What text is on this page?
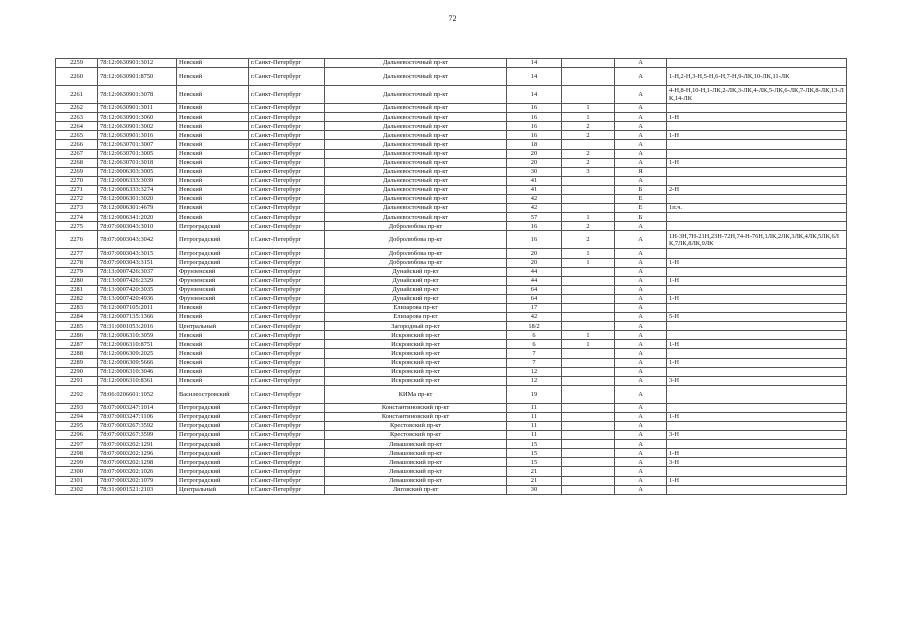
72
2259	78:12:0630901:3012	Невский	г.Санкт-Петербург	Дальневосточный пр-кт	14		А	
2260	78:12:0630901:8750	Невский	г.Санкт-Петербург	Дальневосточный пр-кт	14		А	1-Н,2-Н,3-Н,5-Н,6-Н,7-Н,9-ЛК,10-ЛК,11-ЛК
2261	78:12:0630901:3078	Невский	г.Санкт-Петербург	Дальневосточный пр-кт	14		А	4-Н,8-Н,10-Н,1-ЛК,2-ЛК,3-ЛК,4-ЛК,5-ЛК,6-ЛК,7-ЛК,8-ЛК,13-ЛК,14-ЛК
2262	78:12:0630901:3011	Невский	г.Санкт-Петербург	Дальневосточный пр-кт	16	1	А	
2263	78:12:0630901:3060	Невский	г.Санкт-Петербург	Дальневосточный пр-кт	16	1	А	1-Н
2264	78:12:0630901:3002	Невский	г.Санкт-Петербург	Дальневосточный пр-кт	16	2	А	
2265	78:12:0630901:3016	Невский	г.Санкт-Петербург	Дальневосточный пр-кт	16	2	А	1-Н
2266	78:12:0630701:3007	Невский	г.Санкт-Петербург	Дальневосточный пр-кт	18		А	
2267	78:12:0630701:3005	Невский	г.Санкт-Петербург	Дальневосточный пр-кт	20	2	А	
2268	78:12:0630701:3018	Невский	г.Санкт-Петербург	Дальневосточный пр-кт	20	2	А	1-Н
2269	78:12:0006303:3005	Невский	г.Санкт-Петербург	Дальневосточный пр-кт	30	3	Я	
2270	78:12:0006333:3039	Невский	г.Санкт-Петербург	Дальневосточный пр-кт	41		А	
2271	78:12:0006333:3274	Невский	г.Санкт-Петербург	Дальневосточный пр-кт	41		Б	2-Н
2272	78:12:0006301:3020	Невский	г.Санкт-Петербург	Дальневосточный пр-кт	42		Е	
2273	78:12:0006301:4679	Невский	г.Санкт-Петербург	Дальневосточный пр-кт	42		Е	1п.ч.
2274	78:12:0006341:2020	Невский	г.Санкт-Петербург	Дальневосточный пр-кт	57	1	Б	
2275	78:07:0003043:3010	Петроградский	г.Санкт-Петербург	Добролюбова пр-кт	16	2	А	
2276	78:07:0003043:3042	Петроградский	г.Санкт-Петербург	Добролюбова пр-кт	16	2	А	1Н-3Н,7Н-21Н,23Н-72Н,74-Н-76Н,1ЛК,2ЛК,3ЛК,4ЛК,5ЛК,6ЛК,7ЛК,8ЛК,9ЛК
2277	78:07:0003043:3015	Петроградский	г.Санкт-Петербург	Добролюбова пр-кт	20	1	А	
2278	78:07:0003043:3151	Петроградский	г.Санкт-Петербург	Добролюбова пр-кт	20	1	А	1-Н
2279	78:13:0007426:3037	Фрунзенский	г.Санкт-Петербург	Дунайский пр-кт	44		А	
2280	78:13:0007426:2329	Фрунзенский	г.Санкт-Петербург	Дунайский пр-кт	44		А	1-Н
2281	78:13:0007420:3035	Фрунзенский	г.Санкт-Петербург	Дунайский пр-кт	64		А	
2282	78:13:0007420:4936	Фрунзенский	г.Санкт-Петербург	Дунайский пр-кт	64		А	1-Н
2283	78:12:0007105:2011	Невский	г.Санкт-Петербург	Елизарова пр-кт	17		А	
2284	78:12:0007135:1366	Невский	г.Санкт-Петербург	Елизарова пр-кт	42		А	5-Н
2285	78:31:0001053:2016	Центральный	г.Санкт-Петербург	Загородный пр-кт	18/2		А	
2286	78:12:0006310:3059	Невский	г.Санкт-Петербург	Искровский пр-кт	6	1	А	
2287	78:12:0006310:8751	Невский	г.Санкт-Петербург	Искровский пр-кт	6	1	А	1-Н
2288	78:12:0006309:2025	Невский	г.Санкт-Петербург	Искровский пр-кт	7		А	
2289	78:12:0006309:5666	Невский	г.Санкт-Петербург	Искровский пр-кт	7		А	1-Н
2290	78:12:0006310:3046	Невский	г.Санкт-Петербург	Искровский пр-кт	12		А	
2291	78:12:0006310:8361	Невский	г.Санкт-Петербург	Искровский пр-кт	12		А	3-Н
2292	78:06:0206601:1052	Василеостровский	г.Санкт-Петербург	КИМа пр-кт	19		А	
2293	78:07:0003247:1014	Петроградский	г.Санкт-Петербург	Константиновский пр-кт	11		А	
2294	78:07:0003247:1106	Петроградский	г.Санкт-Петербург	Константиновский пр-кт	11		А	1-Н
2295	78:07:0003267:3592	Петроградский	г.Санкт-Петербург	Крестовский пр-кт	11		А	
2296	78:07:0003267:3599	Петроградский	г.Санкт-Петербург	Крестовский пр-кт	11		А	3-Н
2297	78:07:0003202:1291	Петроградский	г.Санкт-Петербург	Левашовский пр-кт	15		А	
2298	78:07:0003202:1296	Петроградский	г.Санкт-Петербург	Левашовский пр-кт	15		А	1-Н
2299	78:07:0003202:1298	Петроградский	г.Санкт-Петербург	Левашовский пр-кт	15		А	3-Н
2300	78:07:0003202:1026	Петроградский	г.Санкт-Петербург	Левашовский пр-кт	21		А	
2301	78:07:0003202:1079	Петроградский	г.Санкт-Петербург	Левашовский пр-кт	21		А	1-Н
2302	78:31:0001521:2103	Центральный	г.Санкт-Петербург	Лиговский пр-кт	30		А	
